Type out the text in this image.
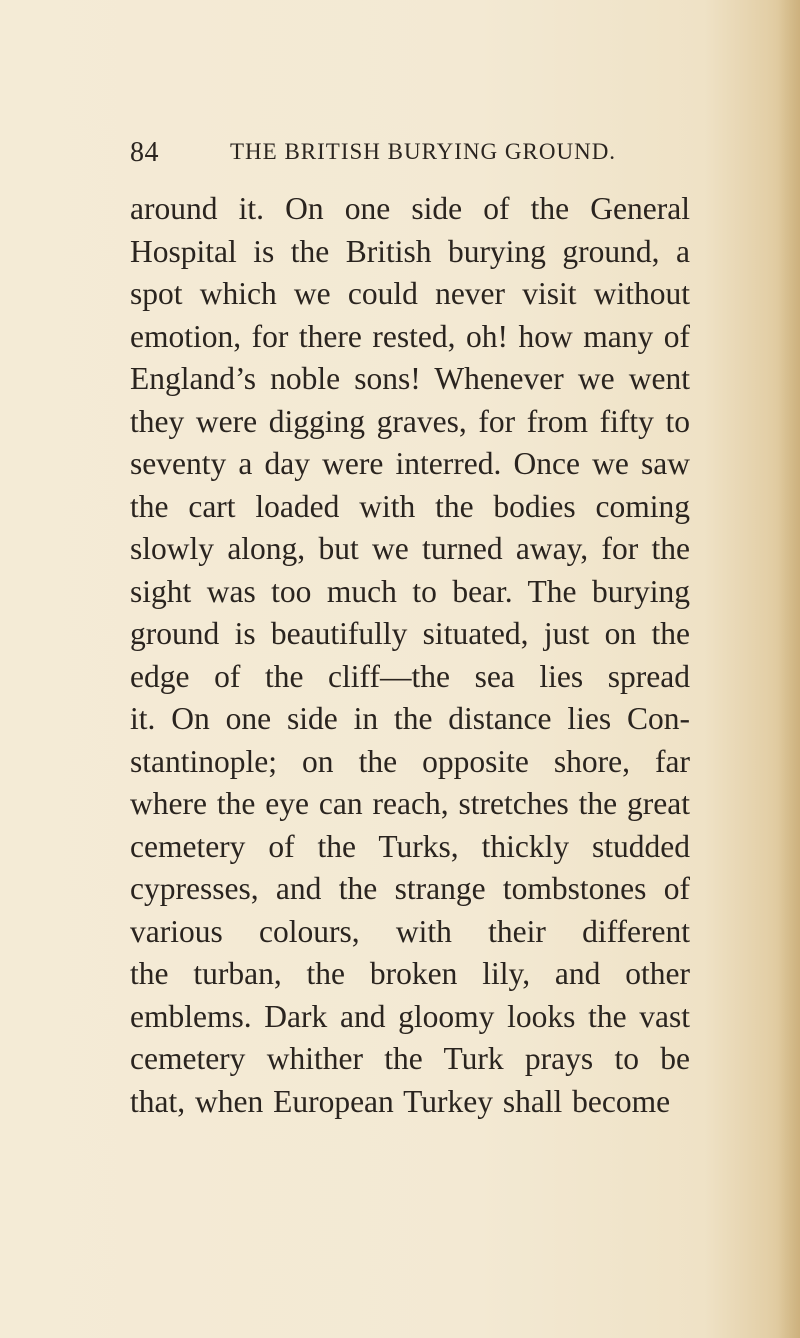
84	THE BRITISH BURYING GROUND.
around it. On one side of the General
Hospital is the British burying ground, a
spot which we could never visit without
emotion, for there rested, oh! how many of
England’s noble sons! Whenever we went
they were digging graves, for from fifty to
seventy a day were interred. Once we saw
the cart loaded with the bodies coming
slowly along, but we turned away, for the
sight was too much to bear. The burying
ground is beautifully situated, just on the
edge of the cliff—the sea lies spread
it. On one side in the distance lies Con-
stantinople; on the opposite shore, far
where the eye can reach, stretches the great
cemetery of the Turks, thickly studded
cypresses, and the strange tombstones of
various colours, with their different
the turban, the broken lily, and other
emblems. Dark and gloomy looks the vast
cemetery whither the Turk prays to be
that, when European Turkey shall become
